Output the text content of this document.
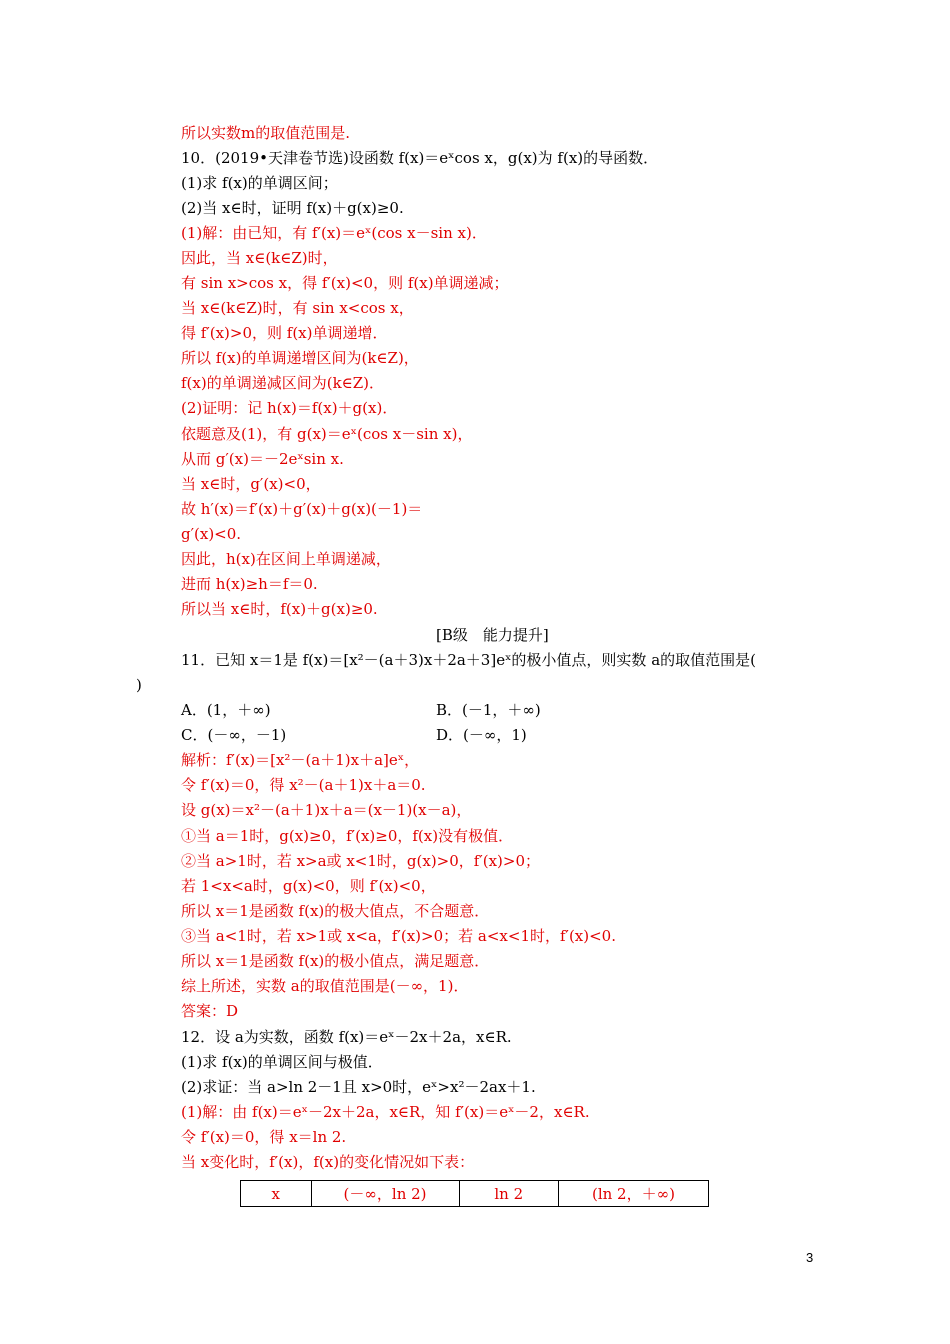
所以实数m的取值范围是.
10．(2019•天津卷节选)设函数 f(x)＝eˣcos x，g(x)为 f(x)的导函数．
(1)求 f(x)的单调区间；
(2)当 x∈时，证明 f(x)＋g(x)≥0.
(1)解：由已知，有 f′(x)＝eˣ(cos x－sin x)．
因此，当 x∈(k∈Z)时，
有 sin x>cos x，得 f′(x)<0，则 f(x)单调递减；
当 x∈(k∈Z)时，有 sin x<cos x，
得 f′(x)>0，则 f(x)单调递增．
所以 f(x)的单调递增区间为(k∈Z)，
f(x)的单调递减区间为(k∈Z)．
(2)证明：记 h(x)＝f(x)＋g(x)．
依题意及(1)，有 g(x)＝eˣ(cos x－sin x)，
从而 g′(x)＝－2eˣsin x.
当 x∈时，g′(x)<0，
故 h′(x)＝f′(x)＋g′(x)＋g(x)(－1)＝
g′(x)<0.
因此，h(x)在区间上单调递减，
进而 h(x)≥h＝f＝0.
所以当 x∈时，f(x)＋g(x)≥0.
[B级　能力提升]
11．已知 x＝1是 f(x)＝[x²－(a＋3)x＋2a＋3]eˣ的极小值点，则实数 a的取值范围是(
)
A．(1，＋∞)	B．(－1，＋∞)
C．(－∞，－1)	D．(－∞，1)
解析：f′(x)＝[x²－(a＋1)x＋a]eˣ，
令 f′(x)＝0，得 x²－(a＋1)x＋a＝0.
设 g(x)＝x²－(a＋1)x＋a＝(x－1)(x－a)，
①当 a＝1时，g(x)≥0，f′(x)≥0，f(x)没有极值．
②当 a>1时，若 x>a或 x<1时，g(x)>0，f′(x)>0；
若 1<x<a时，g(x)<0，则 f′(x)<0，
所以 x＝1是函数 f(x)的极大值点，不合题意．
③当 a<1时，若 x>1或 x<a，f′(x)>0；若 a<x<1时，f′(x)<0.
所以 x＝1是函数 f(x)的极小值点，满足题意．
综上所述，实数 a的取值范围是(－∞，1)．
答案：D
12．设 a为实数，函数 f(x)＝eˣ－2x＋2a，x∈R.
(1)求 f(x)的单调区间与极值．
(2)求证：当 a>ln 2－1且 x>0时，eˣ>x²－2ax＋1.
(1)解：由 f(x)＝eˣ－2x＋2a，x∈R，知 f′(x)＝eˣ－2，x∈R.
令 f′(x)＝0，得 x＝ln 2.
当 x变化时，f′(x)，f(x)的变化情况如下表：
x	(－∞，ln 2)	ln 2	(ln 2，＋∞)
3
